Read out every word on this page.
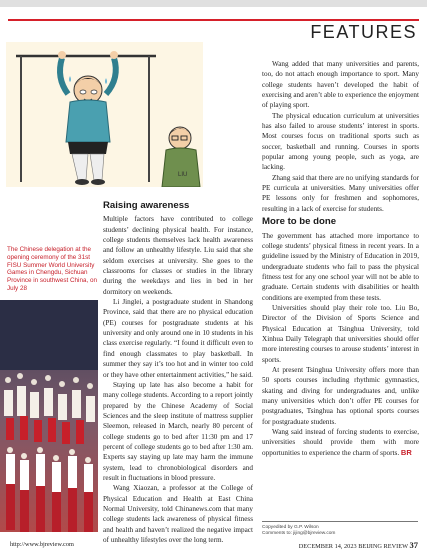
FEATURES
LIU
The Chinese delegation at the opening ceremony of the 31st FISU Summer World University Games in Chengdu, Sichuan Province in southwest China, on July 28
Raising awareness

Multiple factors have contributed to college students’ declining physical health. For instance, college students themselves lack health awareness and follow an unhealthy lifestyle. Liu said that she seldom exercises at university. She goes to the classrooms for classes or studies in the library during the weekdays and lies in bed in her dormitory on weekends.

Li Jinglei, a postgraduate student in Shandong Province, said that there are no physical education (PE) courses for postgraduate students at his university and only around one in 10 students in his class exercise regularly. “I found it difficult even to find enough classmates to play basketball. In summer they say it’s too hot and in winter too cold or they have other entertainment activities,” he said.

Staying up late has also become a habit for many college students. According to a report jointly prepared by the Chinese Academy of Social Sciences and the sleep institute of mattress supplier Sleemon, released in March, nearly 80 percent of college students go to bed after 11:30 pm and 17 percent of college students go to bed after 1:30 am. Experts say staying up late may harm the immune system, lead to chronobiological disorders and result in fluctuations in blood pressure.

Wang Xiaozan, a professor at the College of Physical Education and Health at East China Normal University, told Chinanews.com that many college students lack awareness of physical fitness and health and haven’t realized the negative impact of unhealthy lifestyles over the long term.

Wang added that many universities and parents, too, do not attach enough importance to sport. Many college students haven’t developed the habit of exercising and aren’t able to experience the enjoyment of playing sport.

The physical education curriculum at universities has also failed to arouse students’ interest in sports. Most courses focus on traditional sports such as soccer, basketball and running. Courses in sports popular among young people, such as yoga, are lacking.

Zhang said that there are no unifying standards for PE curricula at universities. Many universities offer PE lessons only for freshmen and sophomores, resulting in a lack of exercise for students.

More to be done

The government has attached more importance to college students’ physical fitness in recent years. In a guideline issued by the Ministry of Education in 2019, undergraduate students who fail to pass the physical fitness test for any one school year will not be able to graduate. Certain students with disabilities or health conditions are exempted from these tests.

Universities should play their role too. Liu Bo, Director of the Division of Sports Science and Physical Education at Tsinghua University, told Xinhua Daily Telegraph that universities should offer more interesting courses to arouse students’ interest in sports.

At present Tsinghua University offers more than 50 sports courses including rhythmic gymnastics, skating and diving for undergraduates and, unlike many universities which don’t offer PE courses for postgraduates, Tsinghua has optional sports courses for postgraduate students.

Wang said instead of forcing students to exercise, universities should provide them with more opportunities to experience the charm of sports. BR

Copyedited by G.P. Wilson
Comments to: jijing@bjreview.com
http://www.bjreview.com	DECEMBER 14, 2023 BEIJING REVIEW 37
